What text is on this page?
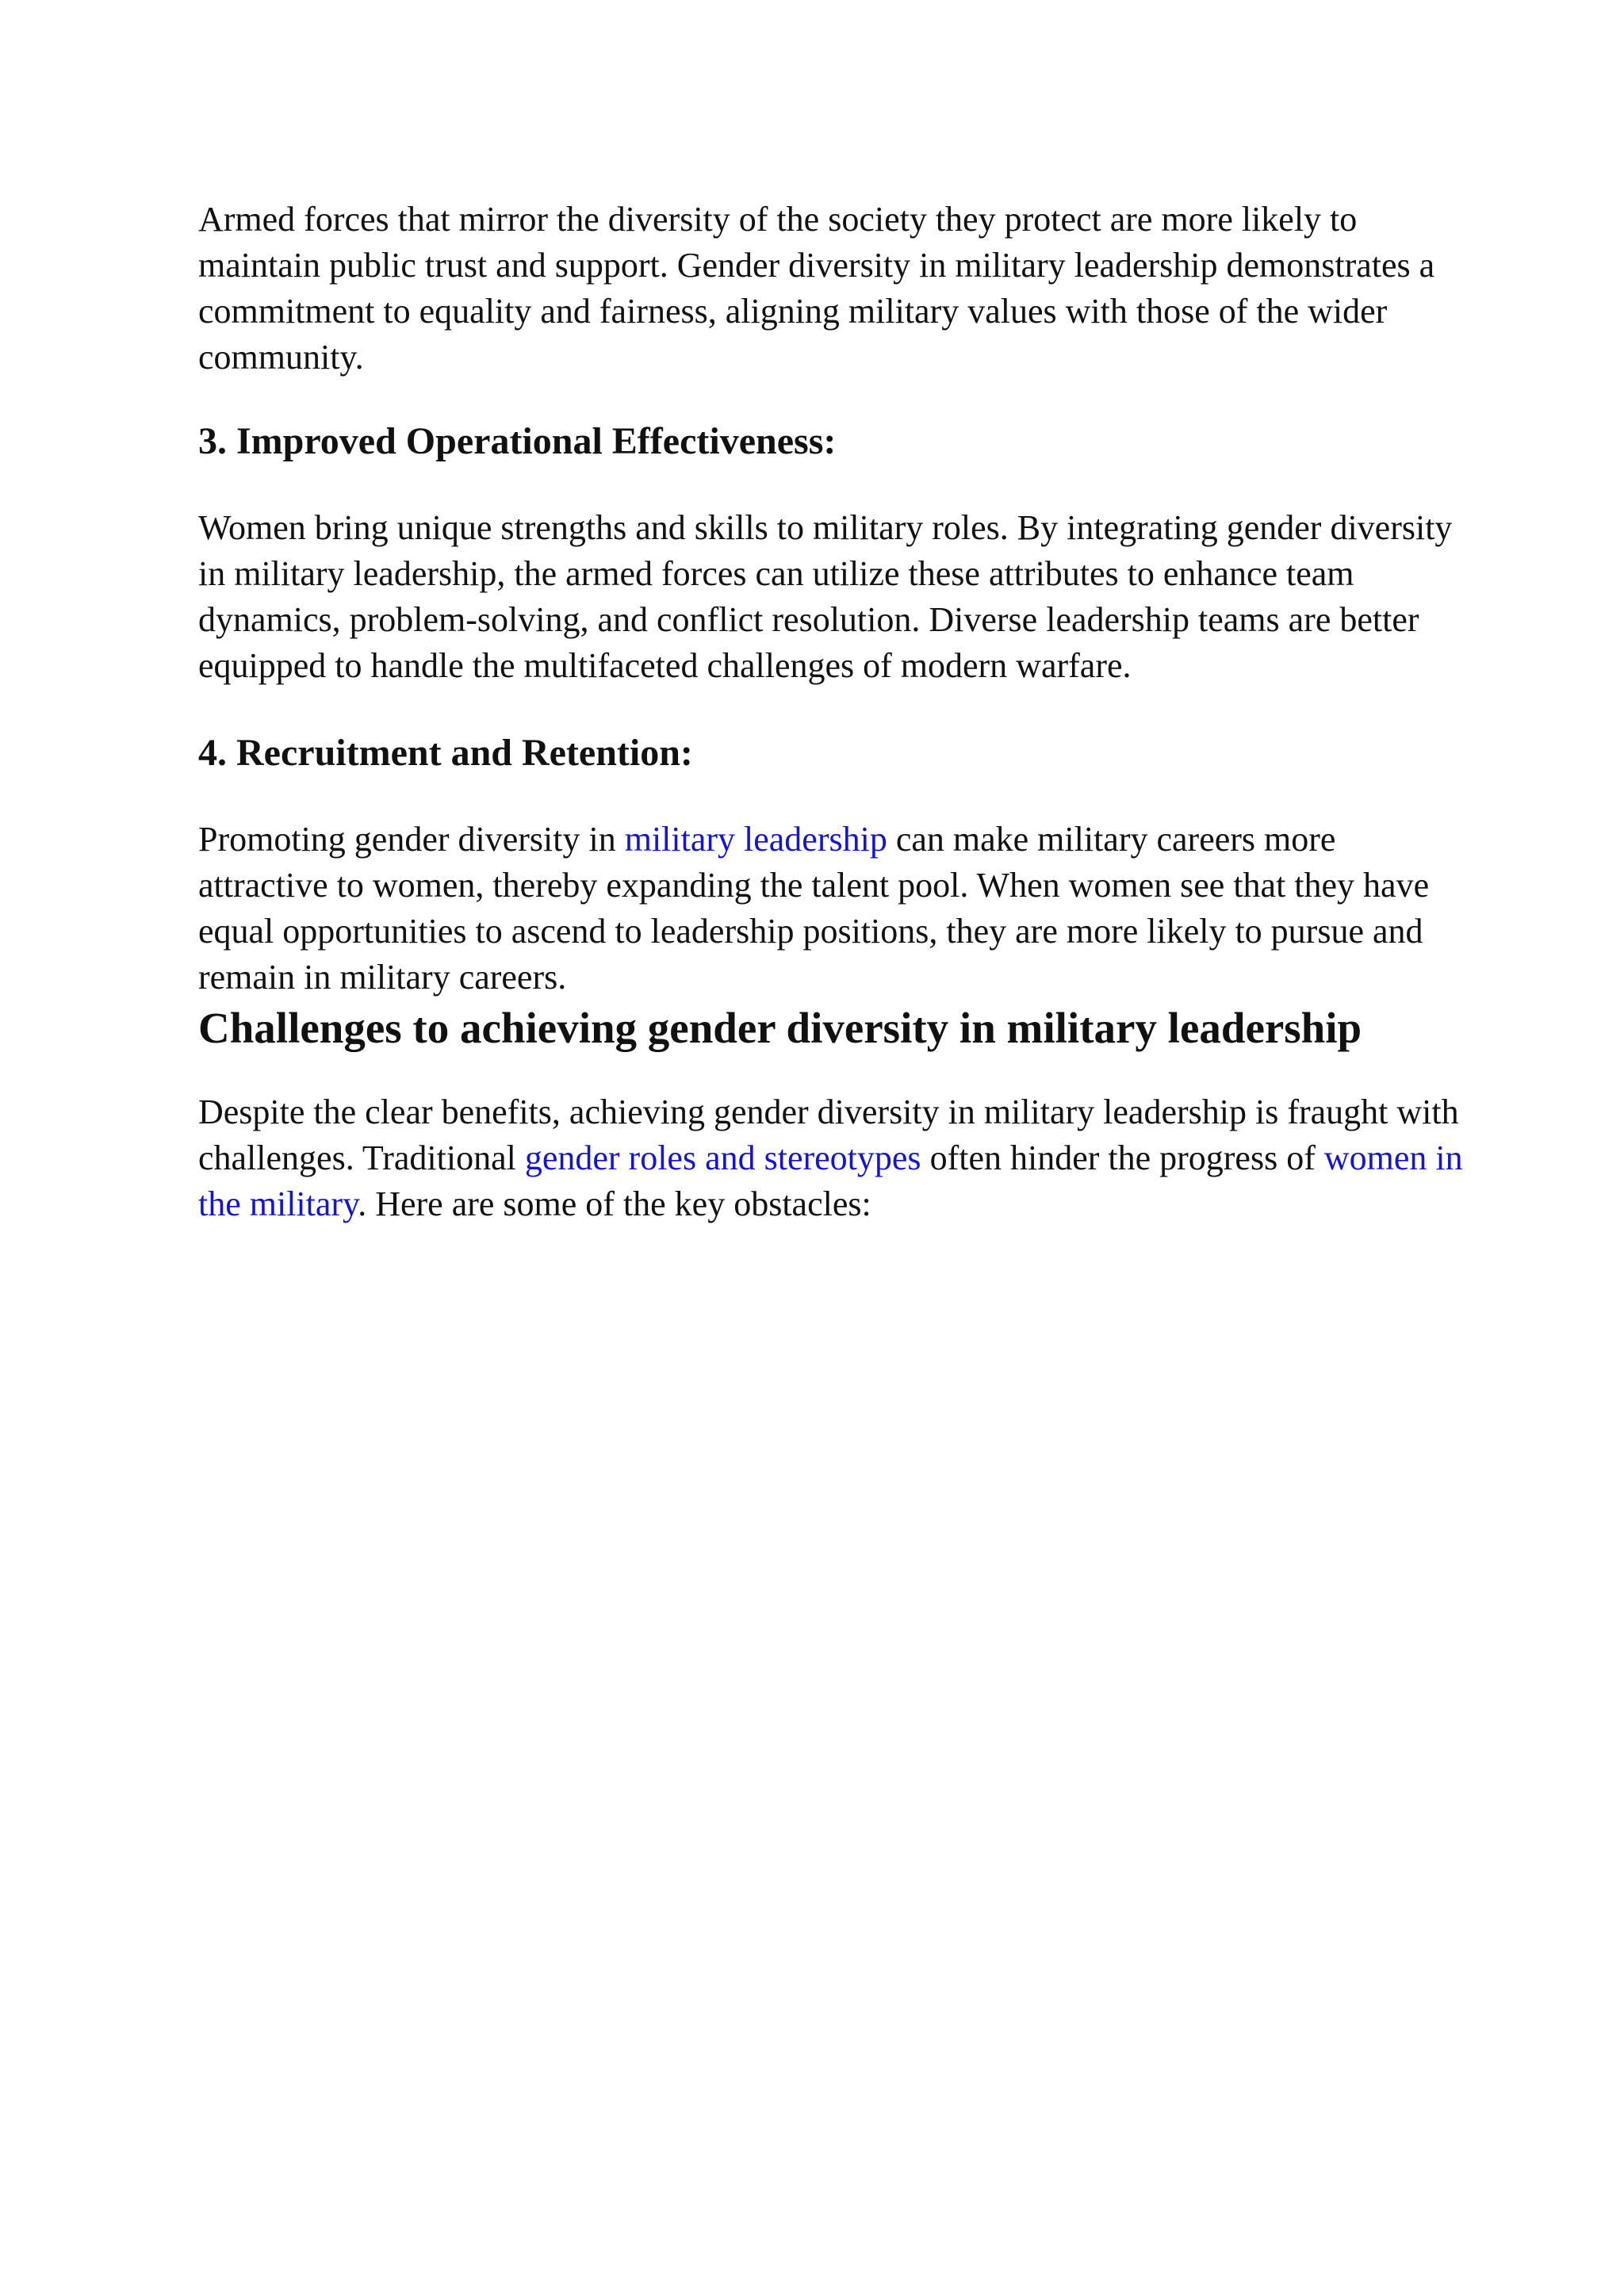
Armed forces that mirror the diversity of the society they protect are more likely to maintain public trust and support. Gender diversity in military leadership demonstrates a commitment to equality and fairness, aligning military values with those of the wider community.

3. Improved Operational Effectiveness:

Women bring unique strengths and skills to military roles. By integrating gender diversity in military leadership, the armed forces can utilize these attributes to enhance team dynamics, problem-solving, and conflict resolution. Diverse leadership teams are better equipped to handle the multifaceted challenges of modern warfare.

4. Recruitment and Retention:

Promoting gender diversity in military leadership can make military careers more attractive to women, thereby expanding the talent pool. When women see that they have equal opportunities to ascend to leadership positions, they are more likely to pursue and remain in military careers.

Challenges to achieving gender diversity in military leadership

Despite the clear benefits, achieving gender diversity in military leadership is fraught with challenges. Traditional gender roles and stereotypes often hinder the progress of women in the military. Here are some of the key obstacles:
